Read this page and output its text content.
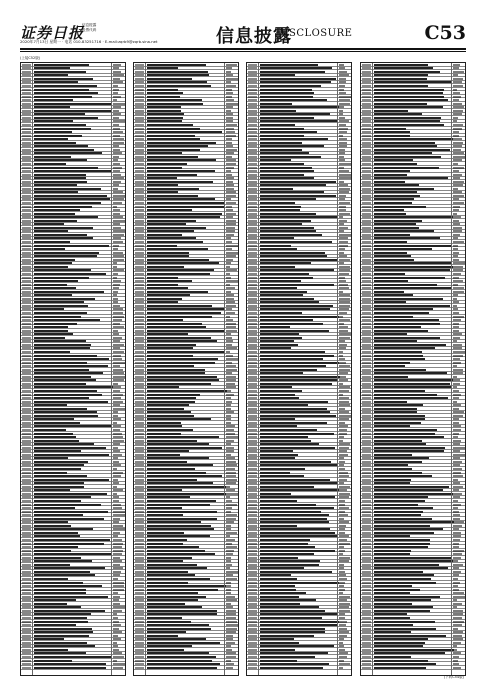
证券日报
信息披露
股票代码
2020年7月13日 星期一 · 电话 010-83251716 · E-mail:zqrb9@zqrb.sina.net	信息披露
DISCLOSURE	C53
(上接C52版)
(下转C54版)
